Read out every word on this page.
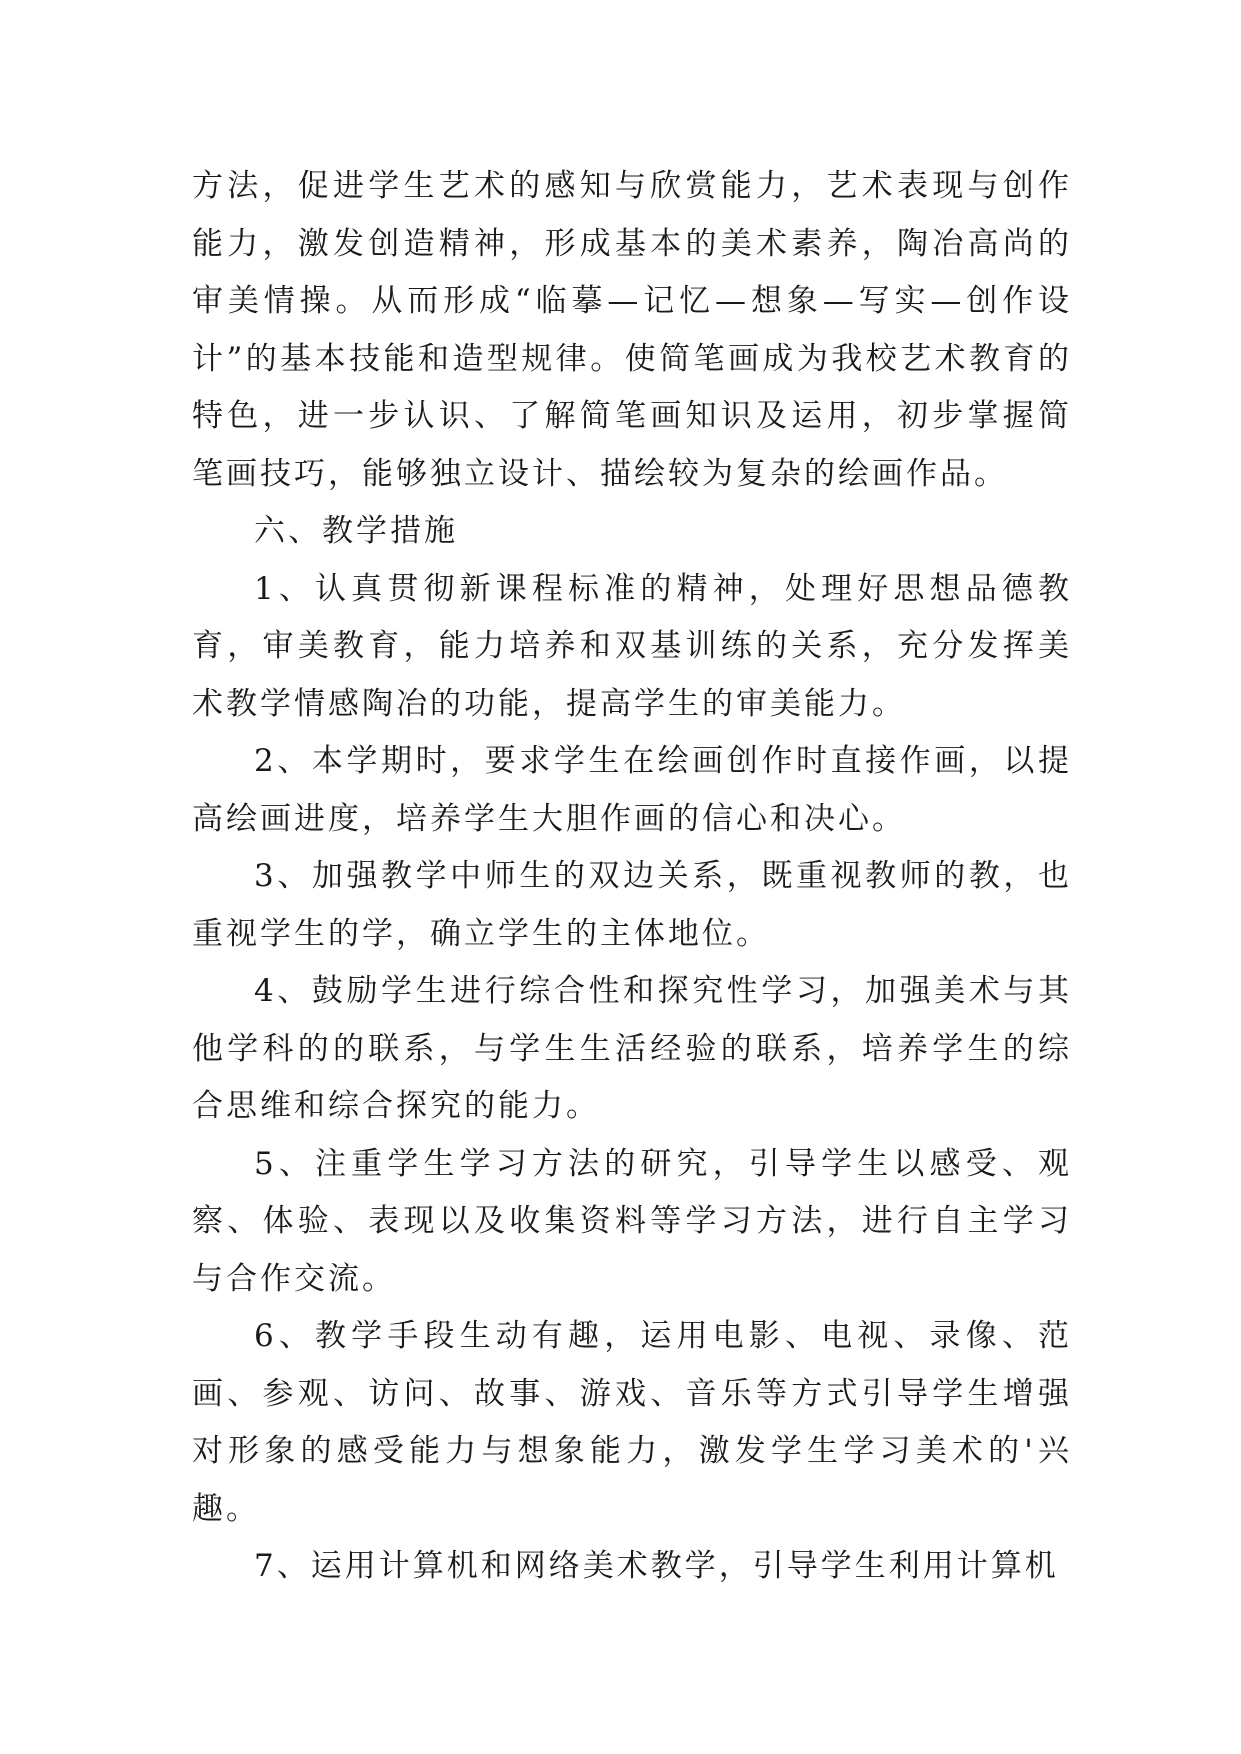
方法，促进学生艺术的感知与欣赏能力，艺术表现与创作能力，激发创造精神，形成基本的美术素养，陶冶高尚的审美情操。从而形成“临摹—记忆—想象—写实—创作设计”的基本技能和造型规律。使简笔画成为我校艺术教育的特色，进一步认识、了解简笔画知识及运用，初步掌握简笔画技巧，能够独立设计、描绘较为复杂的绘画作品。

六、教学措施

1、认真贯彻新课程标准的精神，处理好思想品德教育，审美教育，能力培养和双基训练的关系，充分发挥美术教学情感陶冶的功能，提高学生的审美能力。

2、本学期时，要求学生在绘画创作时直接作画，以提高绘画进度，培养学生大胆作画的信心和决心。

3、加强教学中师生的双边关系，既重视教师的教，也重视学生的学，确立学生的主体地位。

4、鼓励学生进行综合性和探究性学习，加强美术与其他学科的的联系，与学生生活经验的联系，培养学生的综合思维和综合探究的能力。

5、注重学生学习方法的研究，引导学生以感受、观察、体验、表现以及收集资料等学习方法，进行自主学习与合作交流。

6、教学手段生动有趣，运用电影、电视、录像、范画、参观、访问、故事、游戏、音乐等方式引导学生增强对形象的感受能力与想象能力，激发学生学习美术的'兴趣。

7、运用计算机和网络美术教学，引导学生利用计算机
